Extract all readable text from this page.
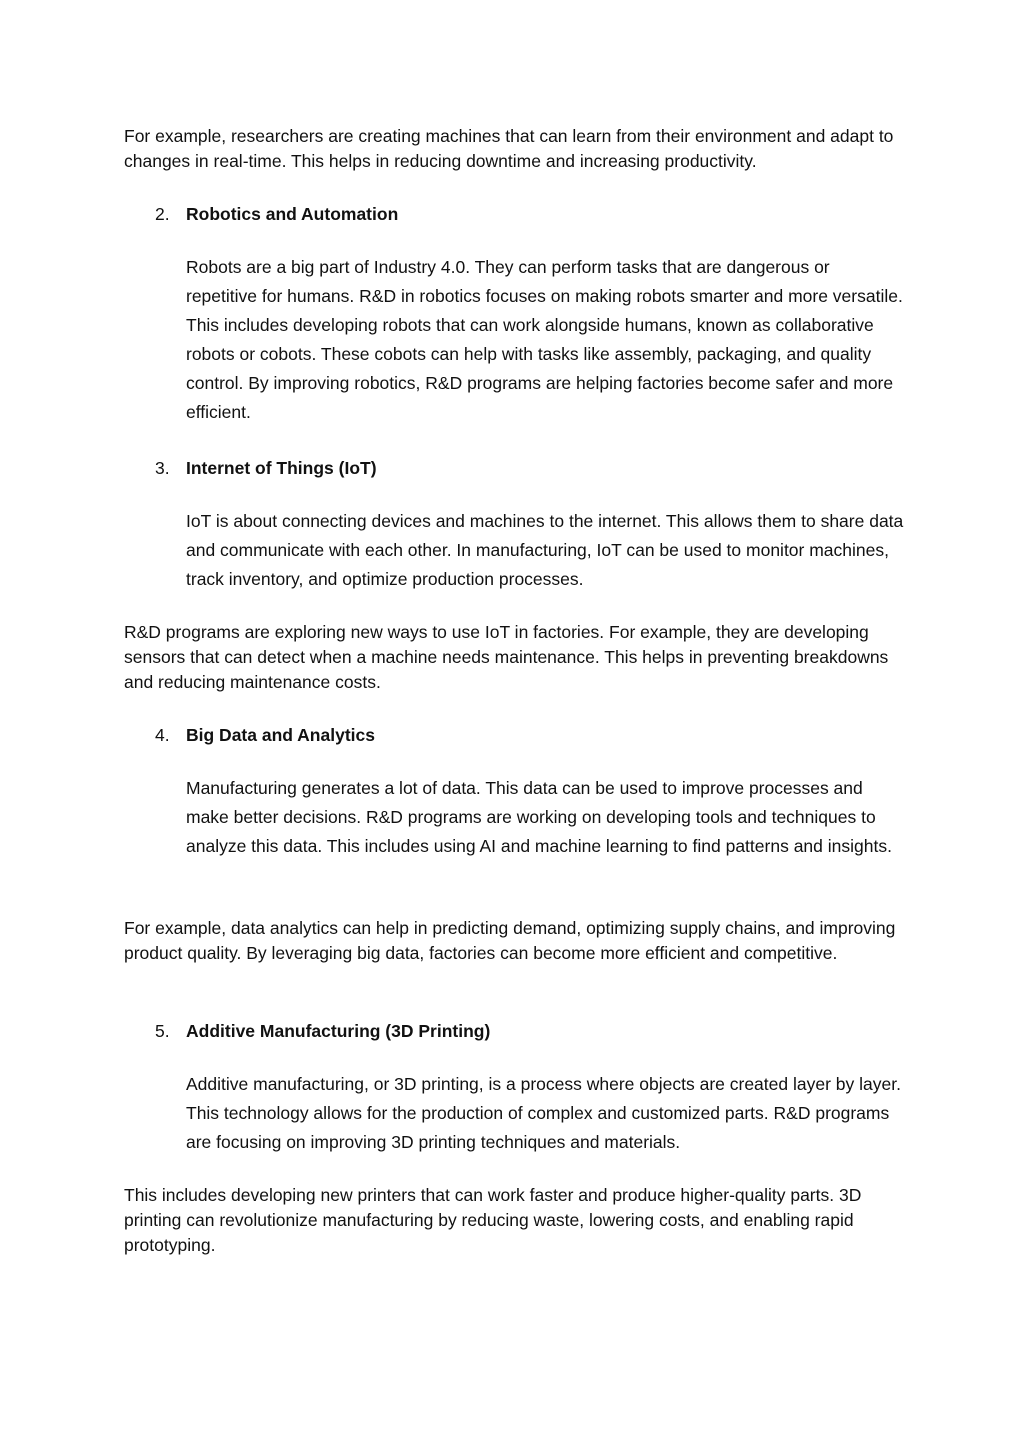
For example, researchers are creating machines that can learn from their environment and adapt to changes in real-time. This helps in reducing downtime and increasing productivity.

2. Robotics and Automation

Robots are a big part of Industry 4.0. They can perform tasks that are dangerous or repetitive for humans. R&D in robotics focuses on making robots smarter and more versatile. This includes developing robots that can work alongside humans, known as collaborative robots or cobots. These cobots can help with tasks like assembly, packaging, and quality control. By improving robotics, R&D programs are helping factories become safer and more efficient.

3. Internet of Things (IoT)

IoT is about connecting devices and machines to the internet. This allows them to share data and communicate with each other. In manufacturing, IoT can be used to monitor machines, track inventory, and optimize production processes.

R&D programs are exploring new ways to use IoT in factories. For example, they are developing sensors that can detect when a machine needs maintenance. This helps in preventing breakdowns and reducing maintenance costs.

4. Big Data and Analytics

Manufacturing generates a lot of data. This data can be used to improve processes and make better decisions. R&D programs are working on developing tools and techniques to analyze this data. This includes using AI and machine learning to find patterns and insights.

For example, data analytics can help in predicting demand, optimizing supply chains, and improving product quality. By leveraging big data, factories can become more efficient and competitive.

5. Additive Manufacturing (3D Printing)

Additive manufacturing, or 3D printing, is a process where objects are created layer by layer. This technology allows for the production of complex and customized parts. R&D programs are focusing on improving 3D printing techniques and materials.

This includes developing new printers that can work faster and produce higher-quality parts. 3D printing can revolutionize manufacturing by reducing waste, lowering costs, and enabling rapid prototyping.
